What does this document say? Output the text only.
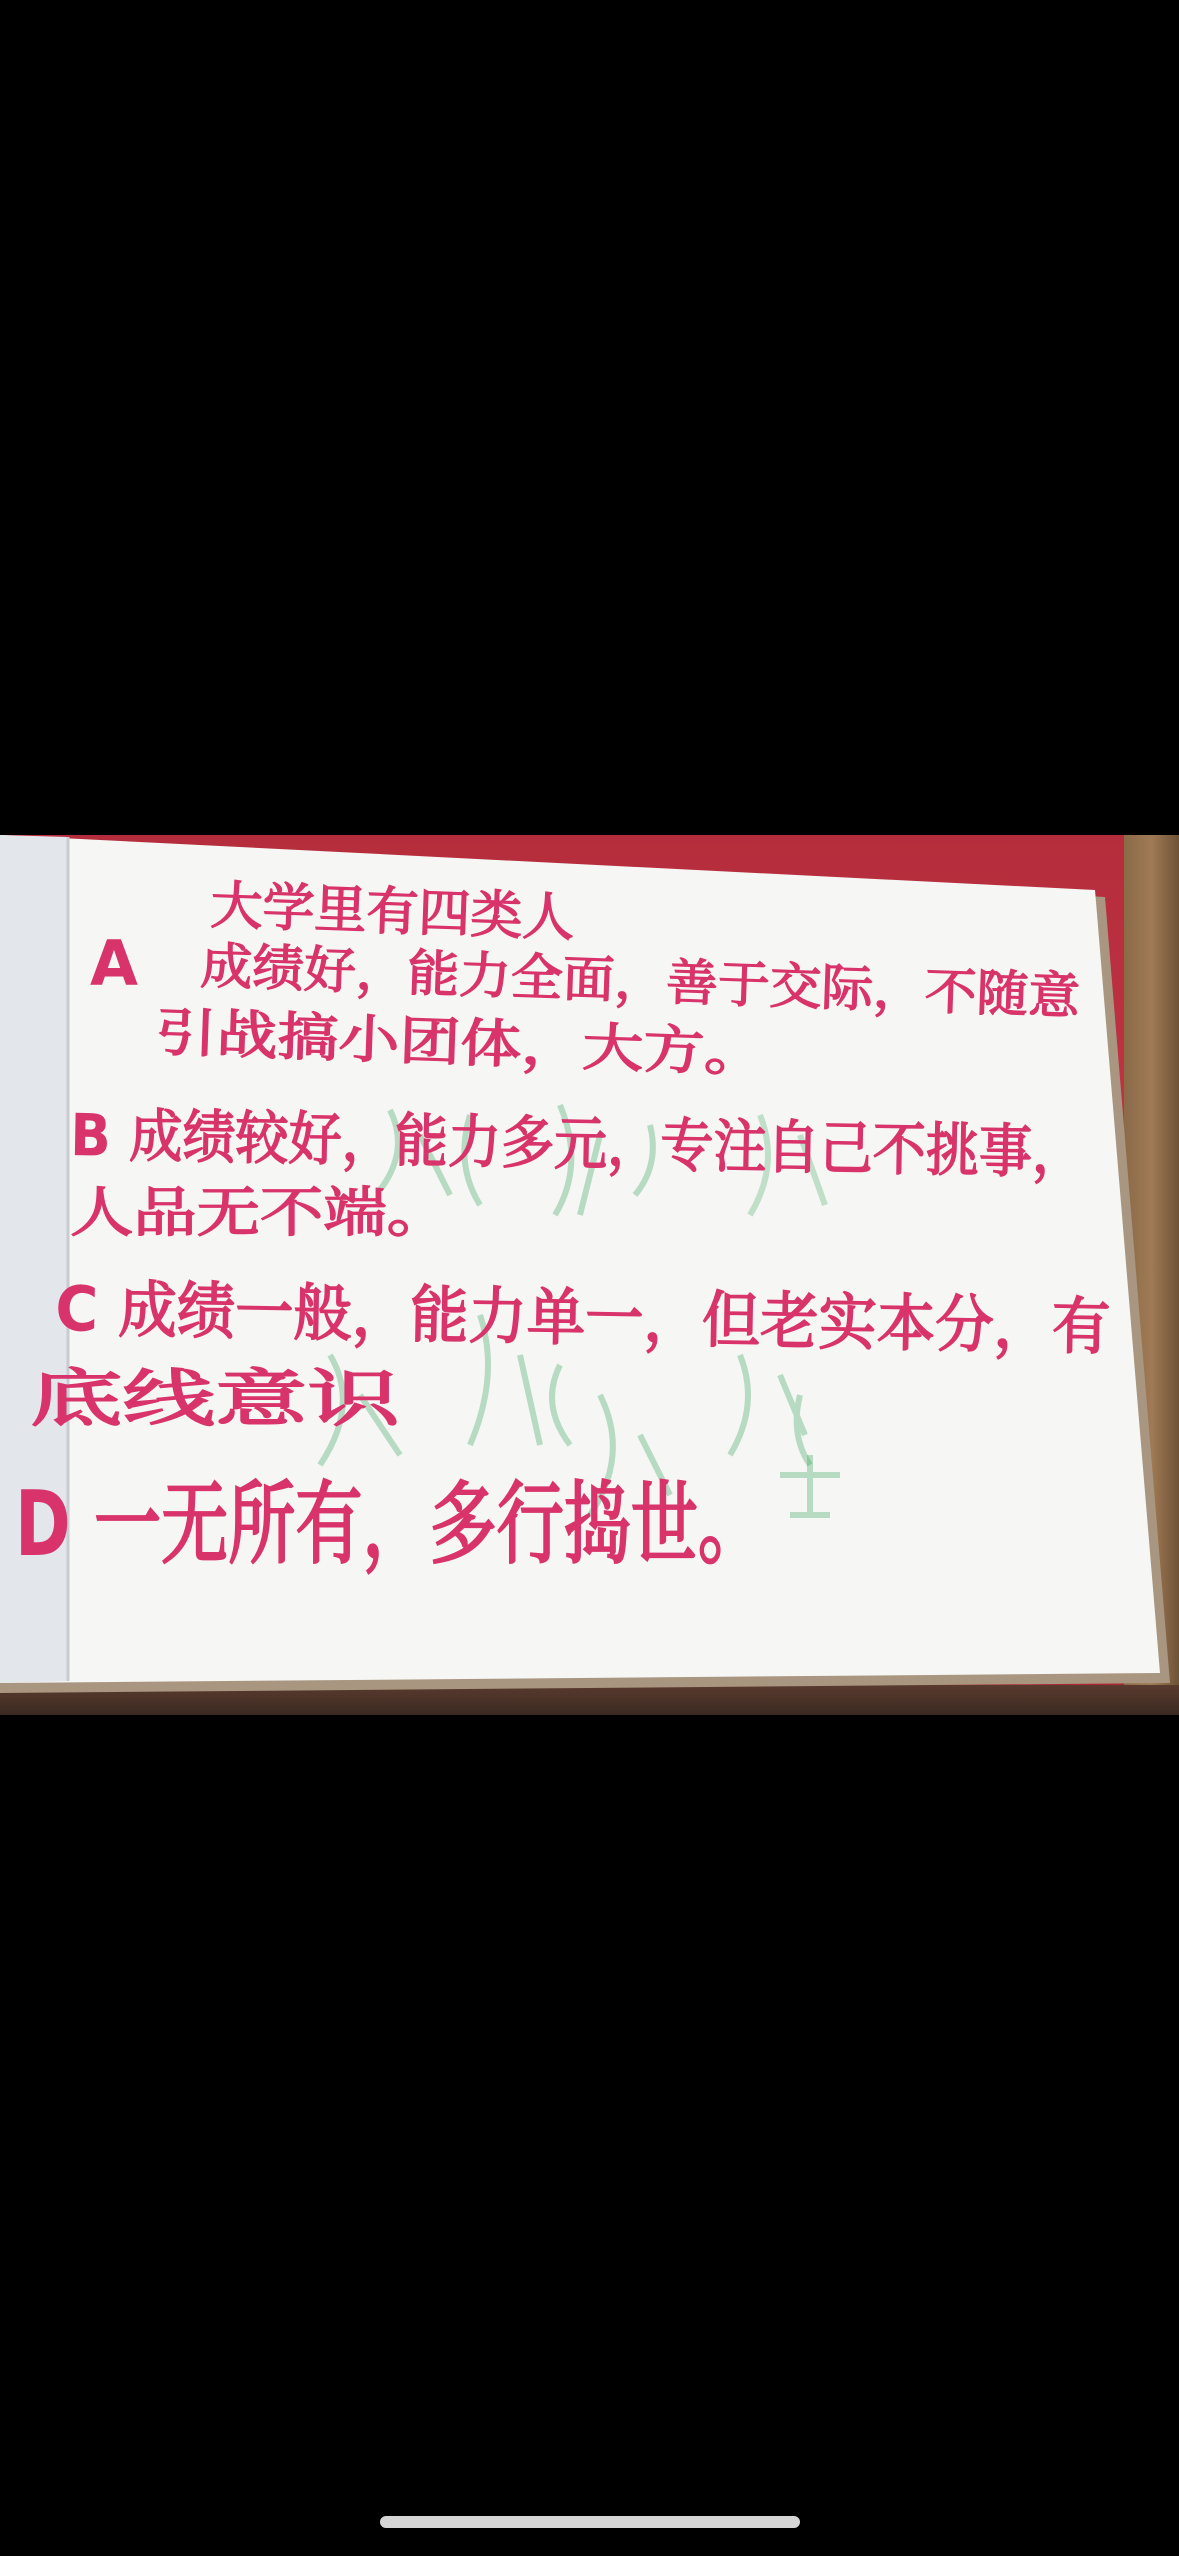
大学里有四类人
A 成绩好，能力全面，善于交际，不随意
引战搞小团体，大方。
B 成绩较好，能力多元，专注自己不挑事，
人品无不端。
C 成绩一般，能力单一，但老实本分，有
底线意识
D 一无所有，多行捣世。
